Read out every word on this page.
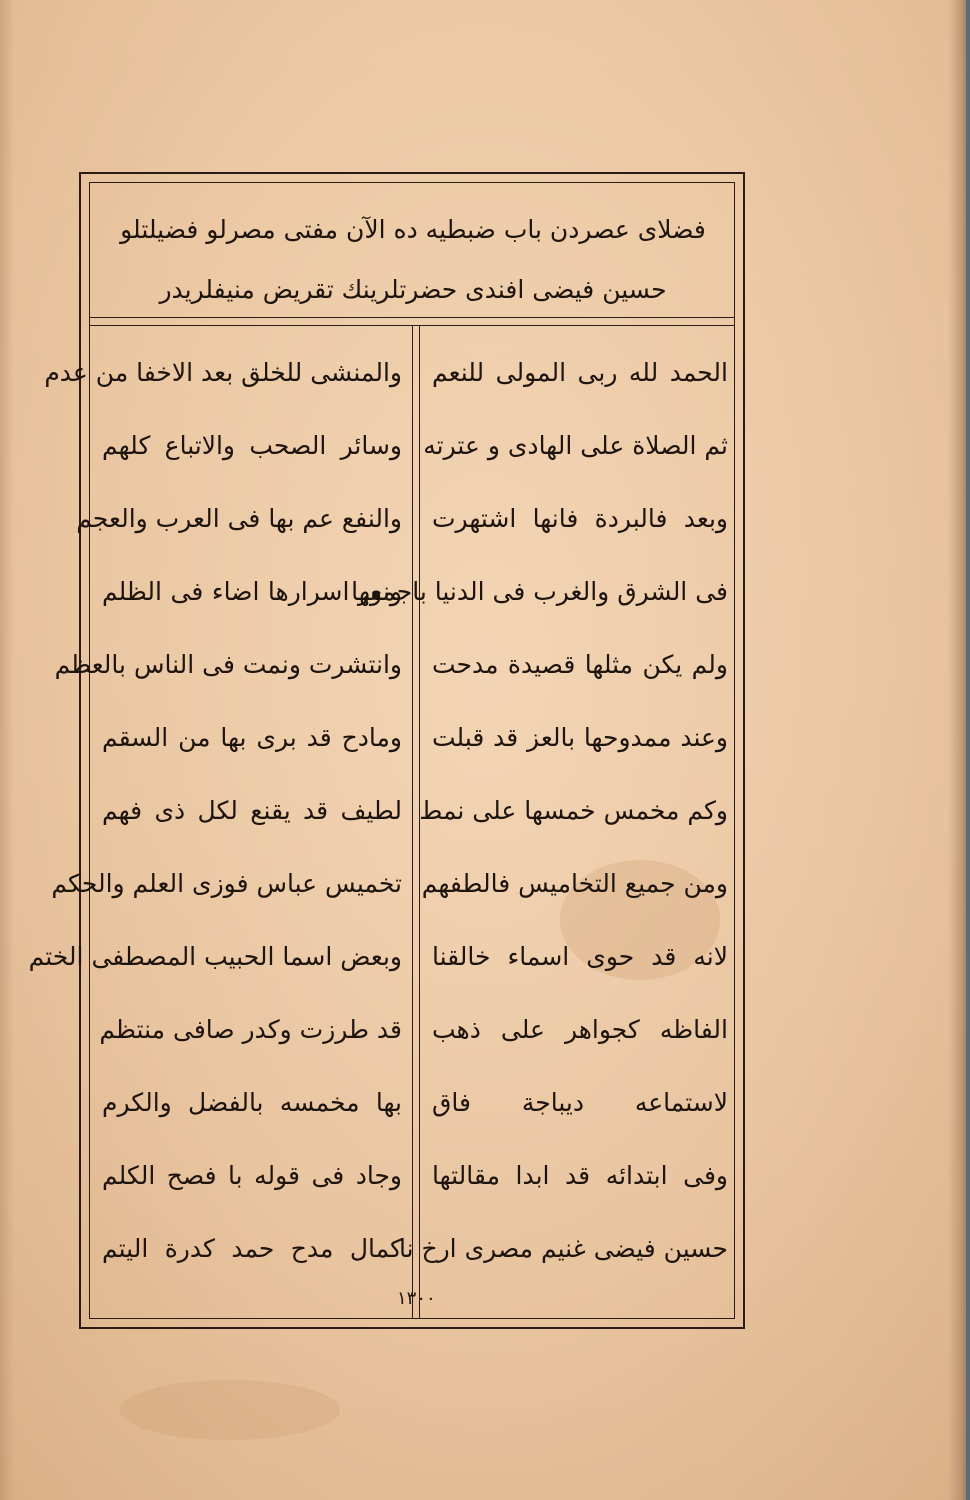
فضلای عصردن باب ضبطیه دە الآن مفتی مصرلو فضیلتلو
حسین فیضی افندی حضرتلرینك تقریض منیفلریدر
الحمد لله ربی المولی للنعم
ثم الصلاة علی الهادی و عترته
وبعد فالبردة فانها اشتهرت
فی الشرق والغرب فی الدنیا باجمعها
ولم یکن مثلها قصیدة مدحت
وعند ممدوحها بالعز قد قبلت
وکم مخمس خمسها علی نمط
ومن جمیع التخامیس فالطفهم
لانه قد حوی اسماء خالقنا
الفاظه کجواهر علی ذهب
لاستماعه دیباجة فاق
وفی ابتدائه قد ابدا مقالتها
حسین فیضی غنیم مصری ارخ نا
والمنشی للخلق بعد الاخفا من عدم
وسائر الصحب والاتباع کلهم
والنفع عم بها فی العرب والعجم
ونور اسرارها اضاء فی الظلم
وانتشرت ونمت فی الناس بالعظم
ومادح قد بری بها من السقم
لطیف قد یقنع لکل ذی فهم
تخمیس عباس فوزی العلم والحکم
وبعض اسما الحبیب المصطفی الختم
قد طرزت وکدر صافی منتظم
بها مخمسه بالفضل والکرم
وجاد فی قوله با فصح الکلم
کمال مدح حمد کدرة الیتم
١٣٠٠
